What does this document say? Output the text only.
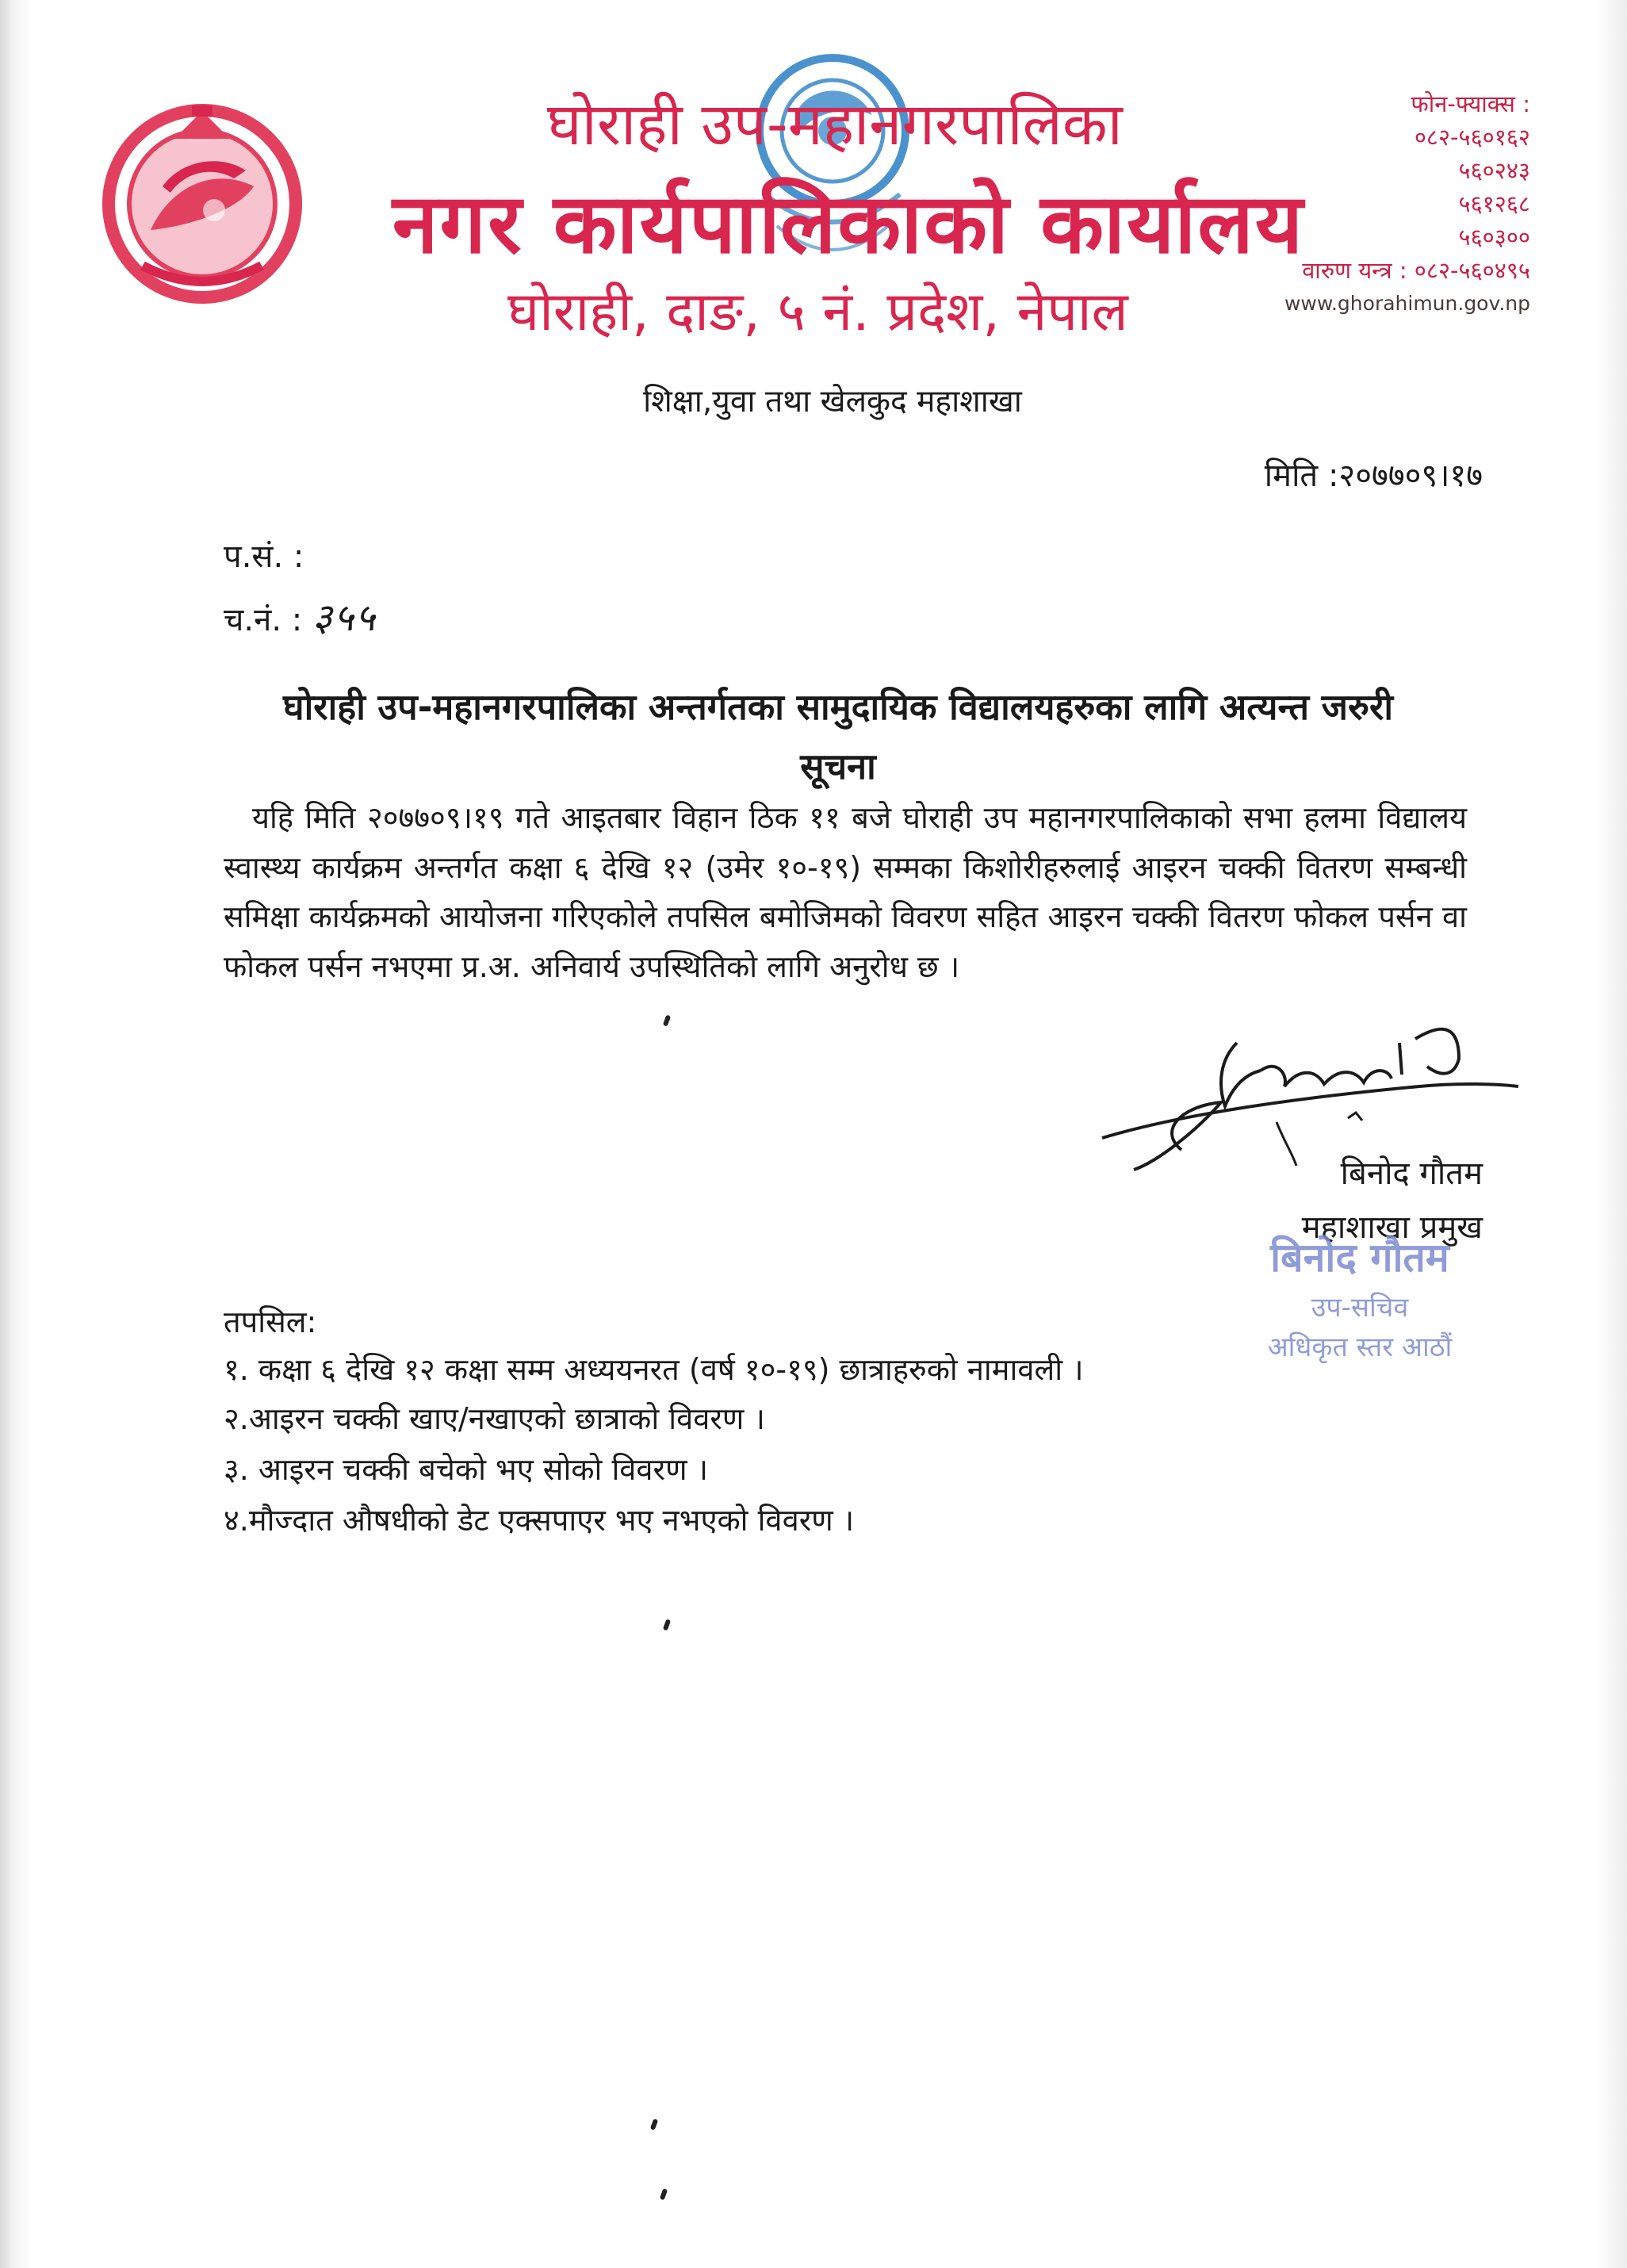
घोराही उप-महानगरपालिका
नगर कार्यपालिकाको कार्यालय
घोराही, दाङ, ५ नं. प्रदेश, नेपाल
फोन-फ्याक्स :
०८२-५६०१६२
५६०२४३
५६१२६८
५६०३००
वारुण यन्त्र : ०८२-५६०४९५
www.ghorahimun.gov.np
शिक्षा,युवा तथा खेलकुद महाशाखा
मिति :२०७७०९।१७
प.सं. :
च.नं. : ३५५
घोराही उप-महानगरपालिका अन्तर्गतका सामुदायिक विद्यालयहरुका लागि अत्यन्त जरुरी
सूचना
यहि मिति २०७७०९।१९ गते आइतबार विहान ठिक ११ बजे घोराही उप महानगरपालिकाको सभा हलमा विद्यालय स्वास्थ्य कार्यक्रम अन्तर्गत कक्षा ६ देखि १२ (उमेर १०-१९) सम्मका किशोरीहरुलाई आइरन चक्की वितरण सम्बन्धी समिक्षा कार्यक्रमको आयोजना गरिएकोले तपसिल बमोजिमको विवरण सहित आइरन चक्की वितरण फोकल पर्सन वा फोकल पर्सन नभएमा प्र.अ. अनिवार्य उपस्थितिको लागि अनुरोध छ ।
बिनोद गौतम
महाशाखा प्रमुख
बिनोद गौतम
उप-सचिव
अधिकृत स्तर आठौं
तपसिल:
१. कक्षा ६ देखि १२ कक्षा सम्म अध्ययनरत (वर्ष १०-१९) छात्राहरुको नामावली ।
२.आइरन चक्की खाए/नखाएको छात्राको विवरण ।
३. आइरन चक्की बचेको भए सोको विवरण ।
४.मौज्दात औषधीको डेट एक्सपाएर भए नभएको विवरण ।
